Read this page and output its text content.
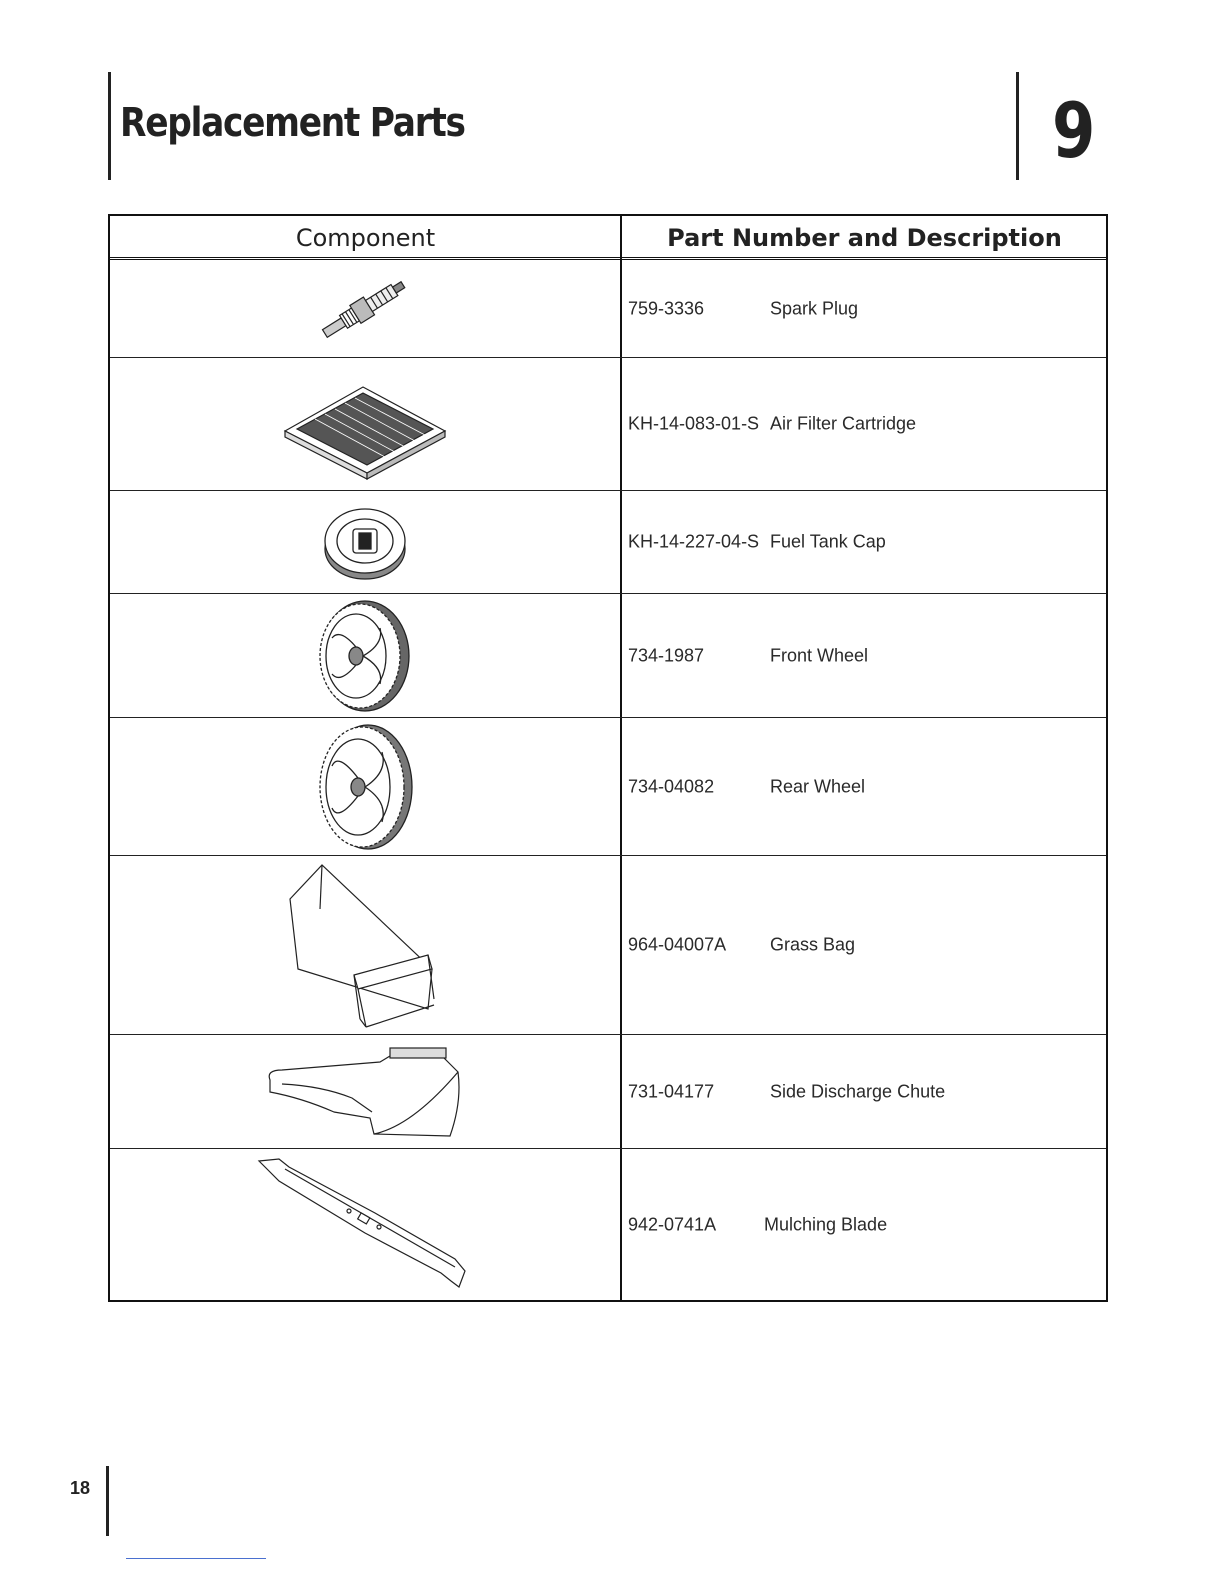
Replacement Parts	9
Component	Part Number and Description
759-3336	Spark Plug
KH-14-083-01-S Air Filter Cartridge
KH-14-227-04-S Fuel Tank Cap
734-1987	Front Wheel
734-04082	Rear Wheel
964-04007A Grass Bag
731-04177	Side Discharge Chute
942-0741A	Mulching Blade
18
